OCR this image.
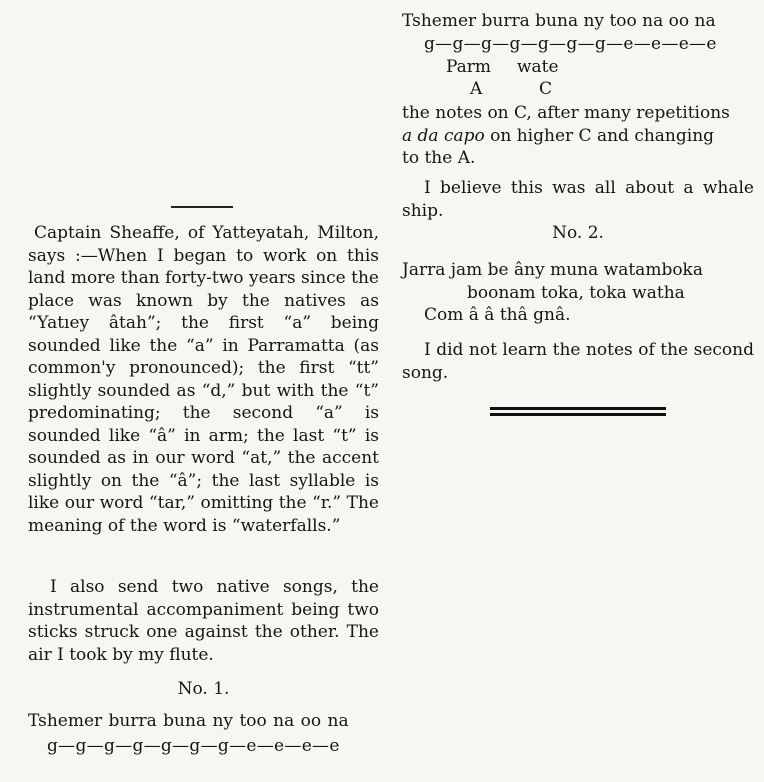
Captain Sheaffe, of Yatteyatah, Milton, says :—When I began to work on this land more than forty-two years since the place was known by the natives as “Yatıey âtah”; the first “a” being sounded like the “a” in Parramatta (as common'y pronounced); the first “tt” slightly sounded as “d,” but with the “t” predominating; the second “a” is sounded like “â” in arm; the last “t” is sounded as in our word “at,” the accent slightly on the “â”; the last syllable is like our word “tar,” omitting the “r.” The meaning of the word is “waterfalls.”

I also send two native songs, the instrumental accompaniment being two sticks struck one against the other. The air I took by my flute.

No. 1.

Tshemer burra buna ny too na oo na

g—g—g—g—g—g—g—e—e—e—e

Tshemer burra buna ny too na oo na

g—g—g—g—g—g—g—e—e—e—e

Parm wate
A	C

the notes on C, after many repetitions

a da capo on higher C and changing

to the A.

I believe this was all about a whale ship.

No. 2.

Jarra jam be âny muna watamboka

boonam toka, toka watha

Com â â thâ gnâ.

I did not learn the notes of the second song.
